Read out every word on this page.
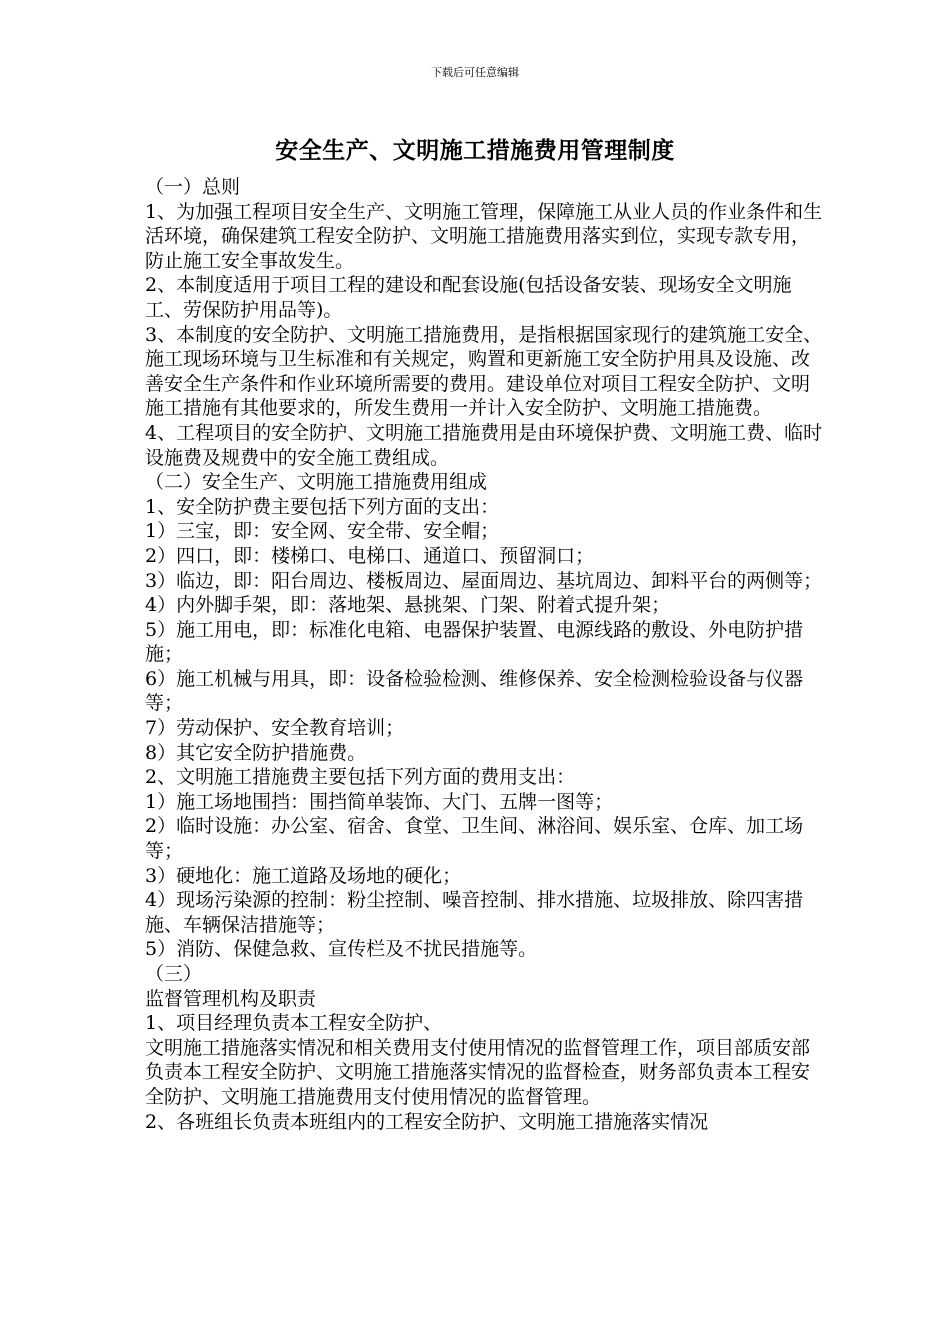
下载后可任意编辑
安全生产、文明施工措施费用管理制度

（一）总则

1、为加强工程项目安全生产、文明施工管理，保障施工从业人员的作业条件和生活环境，确保建筑工程安全防护、文明施工措施费用落实到位，实现专款专用，防止施工安全事故发生。

2、本制度适用于项目工程的建设和配套设施(包括设备安装、现场安全文明施工、劳保防护用品等)。

3、本制度的安全防护、文明施工措施费用，是指根据国家现行的建筑施工安全、施工现场环境与卫生标准和有关规定，购置和更新施工安全防护用具及设施、改善安全生产条件和作业环境所需要的费用。建设单位对项目工程安全防护、文明施工措施有其他要求的，所发生费用一并计入安全防护、文明施工措施费。

4、工程项目的安全防护、文明施工措施费用是由环境保护费、文明施工费、临时设施费及规费中的安全施工费组成。

（二）安全生产、文明施工措施费用组成

1、安全防护费主要包括下列方面的支出：

1）三宝，即：安全网、安全带、安全帽；

2）四口，即：楼梯口、电梯口、通道口、预留洞口；

3）临边，即：阳台周边、楼板周边、屋面周边、基坑周边、卸料平台的两侧等；

4）内外脚手架，即：落地架、悬挑架、门架、附着式提升架；

5）施工用电，即：标准化电箱、电器保护装置、电源线路的敷设、外电防护措施；

6）施工机械与用具，即：设备检验检测、维修保养、安全检测检验设备与仪器等；

7）劳动保护、安全教育培训；

8）其它安全防护措施费。

2、文明施工措施费主要包括下列方面的费用支出：

1）施工场地围挡：围挡简单装饰、大门、五牌一图等；

2）临时设施：办公室、宿舍、食堂、卫生间、淋浴间、娱乐室、仓库、加工场等；

3）硬地化：施工道路及场地的硬化；

4）现场污染源的控制：粉尘控制、噪音控制、排水措施、垃圾排放、除四害措施、车辆保洁措施等；

5）消防、保健急救、宣传栏及不扰民措施等。

（三）

监督管理机构及职责

1、项目经理负责本工程安全防护、

文明施工措施落实情况和相关费用支付使用情况的监督管理工作，项目部质安部负责本工程安全防护、文明施工措施落实情况的监督检查，财务部负责本工程安全防护、文明施工措施费用支付使用情况的监督管理。

2、各班组长负责本班组内的工程安全防护、文明施工措施落实情况
